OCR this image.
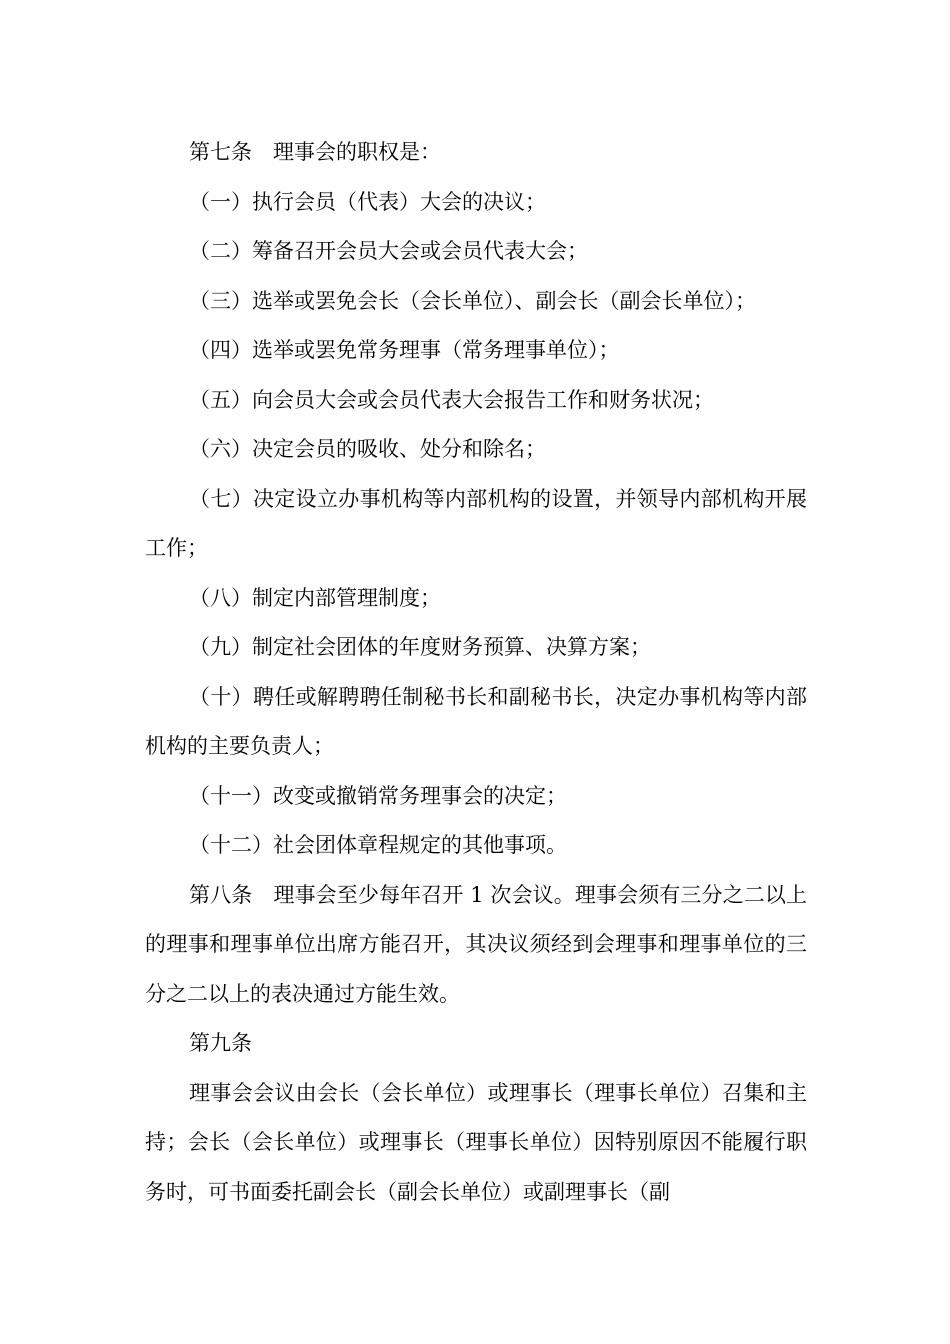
第七条　理事会的职权是：

（一）执行会员（代表）大会的决议；

（二）筹备召开会员大会或会员代表大会；

（三）选举或罢免会长（会长单位）、副会长（副会长单位）；

（四）选举或罢免常务理事（常务理事单位）；

（五）向会员大会或会员代表大会报告工作和财务状况；

（六）决定会员的吸收、处分和除名；

（七）决定设立办事机构等内部机构的设置，并领导内部机构开展工作；

（八）制定内部管理制度；

（九）制定社会团体的年度财务预算、决算方案；

（十）聘任或解聘聘任制秘书长和副秘书长，决定办事机构等内部机构的主要负责人；

（十一）改变或撤销常务理事会的决定；

（十二）社会团体章程规定的其他事项。

第八条　理事会至少每年召开 1 次会议。理事会须有三分之二以上的理事和理事单位出席方能召开，其决议须经到会理事和理事单位的三分之二以上的表决通过方能生效。

第九条

理事会会议由会长（会长单位）或理事长（理事长单位）召集和主持；会长（会长单位）或理事长（理事长单位）因特别原因不能履行职务时，可书面委托副会长（副会长单位）或副理事长（副
